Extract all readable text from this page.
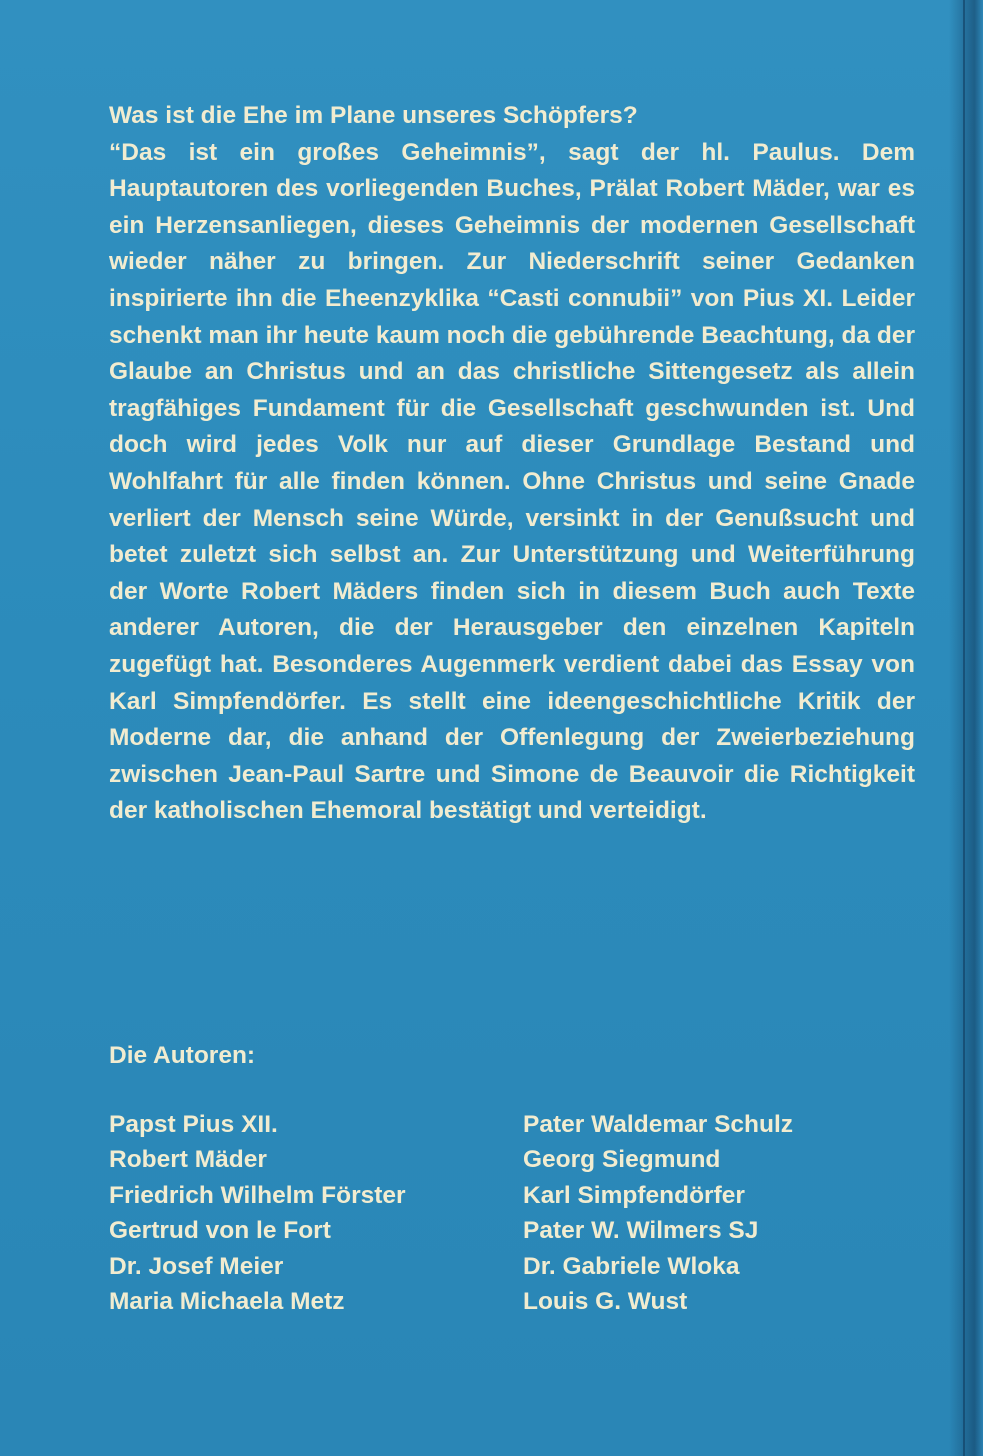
Was ist die Ehe im Plane unseres Schöpfers?
“Das ist ein großes Geheimnis”, sagt der hl. Paulus. Dem Hauptautoren des vorliegenden Buches, Prälat Robert Mäder, war es ein Herzensanliegen, dieses Geheimnis der modernen Gesellschaft wieder näher zu bringen. Zur Niederschrift seiner Gedanken inspirierte ihn die Eheenzyklika “Casti connubii” von Pius XI. Leider schenkt man ihr heute kaum noch die gebührende Beachtung, da der Glaube an Christus und an das christliche Sittengesetz als allein tragfähiges Fundament für die Gesellschaft geschwunden ist. Und doch wird jedes Volk nur auf dieser Grundlage Bestand und Wohlfahrt für alle finden können. Ohne Christus und seine Gnade verliert der Mensch seine Würde, versinkt in der Genußsucht und betet zuletzt sich selbst an. Zur Unterstützung und Weiterführung der Worte Robert Mäders finden sich in diesem Buch auch Texte anderer Autoren, die der Herausgeber den einzelnen Kapiteln zugefügt hat. Besonderes Augenmerk verdient dabei das Essay von Karl Simpfendörfer. Es stellt eine ideengeschichtliche Kritik der Moderne dar, die anhand der Offenlegung der Zweierbeziehung zwischen Jean-Paul Sartre und Simone de Beauvoir die Richtigkeit der katholischen Ehemoral bestätigt und verteidigt.

Die Autoren:
Papst Pius XII.
Robert Mäder
Friedrich Wilhelm Förster
Gertrud von le Fort
Dr. Josef Meier
Maria Michaela Metz
Pater Waldemar Schulz
Georg Siegmund
Karl Simpfendörfer
Pater W. Wilmers SJ
Dr. Gabriele Wloka
Louis G. Wust
